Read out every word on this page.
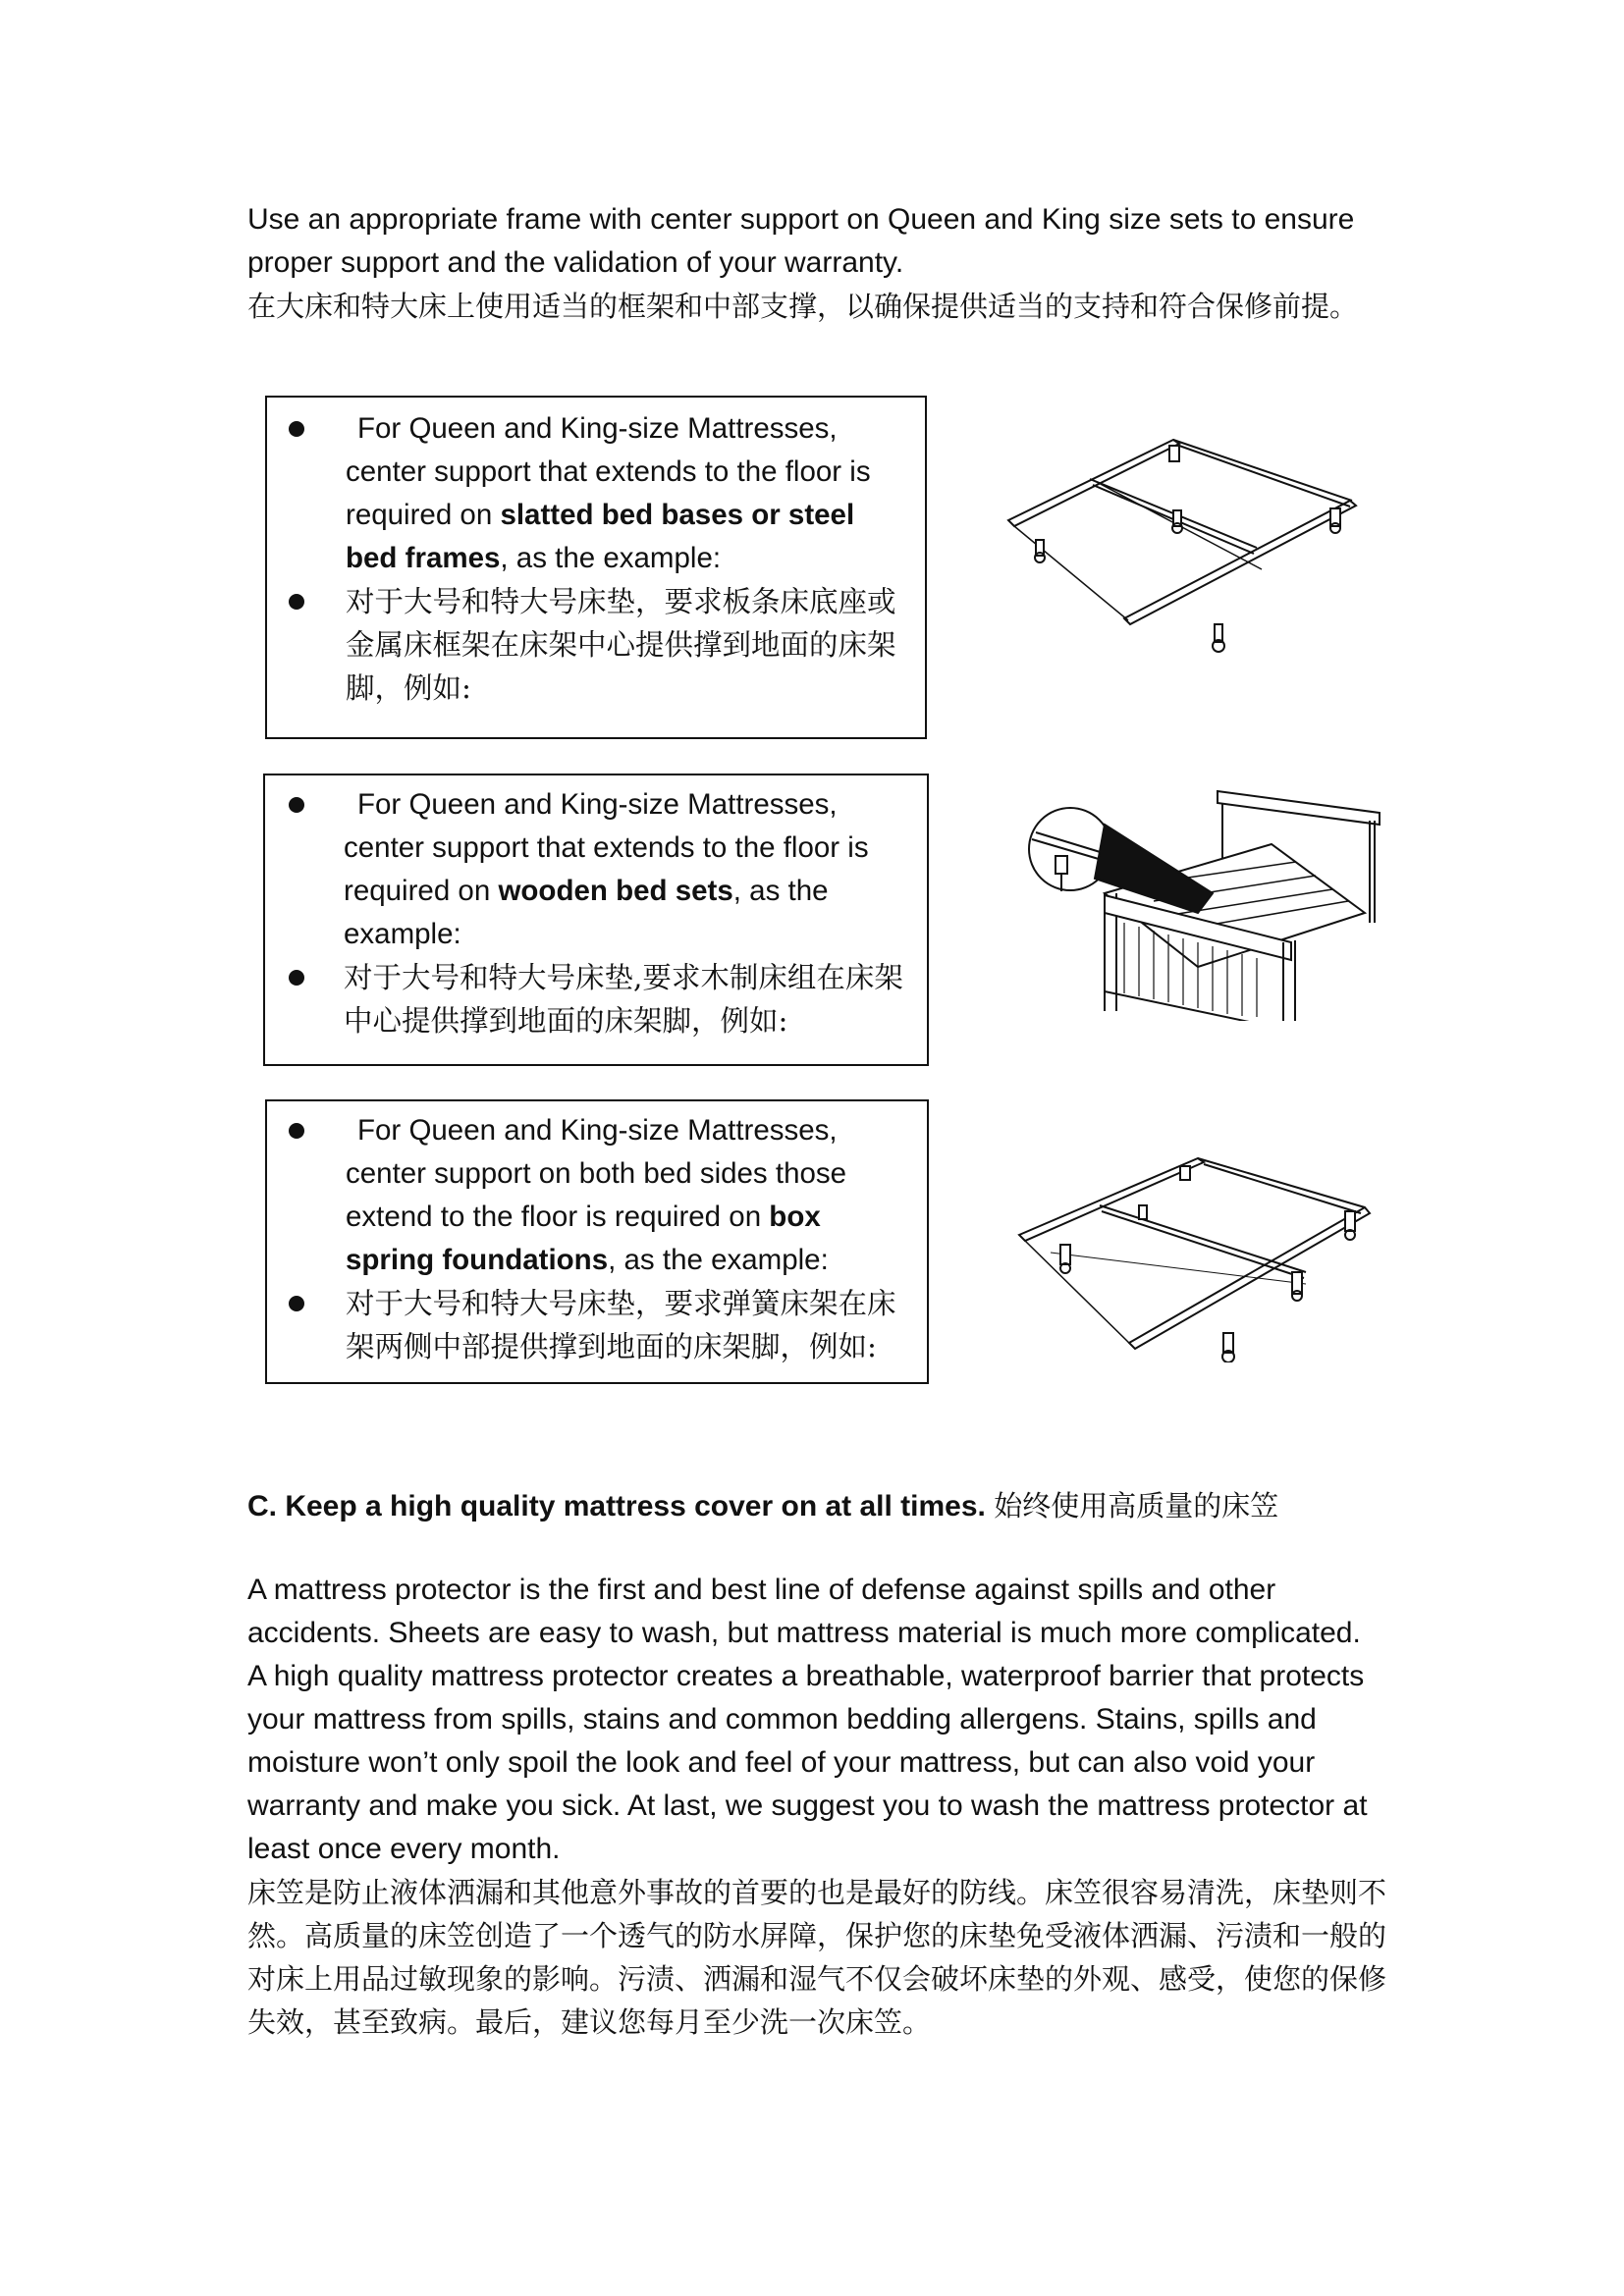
Use an appropriate frame with center support on Queen and King size sets to ensure
proper support and the validation of your warranty.
在大床和特大床上使用适当的框架和中部支撑，以确保提供适当的支持和符合保修前提。
For Queen and King-size Mattresses,
center support that extends to the floor is
required on slatted bed bases or steel
bed frames, as the example:
对于大号和特大号床垫，要求板条床底座或
金属床框架在床架中心提供撑到地面的床架
脚，例如:
For Queen and King-size Mattresses,
center support that extends to the floor is
required on wooden bed sets, as the
example:
对于大号和特大号床垫,要求木制床组在床架
中心提供撑到地面的床架脚，例如:
For Queen and King-size Mattresses,
center support on both bed sides those
extend to the floor is required on box
spring foundations, as the example:
对于大号和特大号床垫，要求弹簧床架在床
架两侧中部提供撑到地面的床架脚，例如:
C. Keep a high quality mattress cover on at all times. 始终使用高质量的床笠
A mattress protector is the first and best line of defense against spills and other
accidents. Sheets are easy to wash, but mattress material is much more complicated.
A high quality mattress protector creates a breathable, waterproof barrier that protects
your mattress from spills, stains and common bedding allergens. Stains, spills and
moisture won’t only spoil the look and feel of your mattress, but can also void your
warranty and make you sick. At last, we suggest you to wash the mattress protector at
least once every month.
床笠是防止液体洒漏和其他意外事故的首要的也是最好的防线。床笠很容易清洗，床垫则不
然。高质量的床笠创造了一个透气的防水屏障，保护您的床垫免受液体洒漏、污渍和一般的
对床上用品过敏现象的影响。污渍、洒漏和湿气不仅会破坏床垫的外观、感受，使您的保修
失效，甚至致病。最后，建议您每月至少洗一次床笠。
